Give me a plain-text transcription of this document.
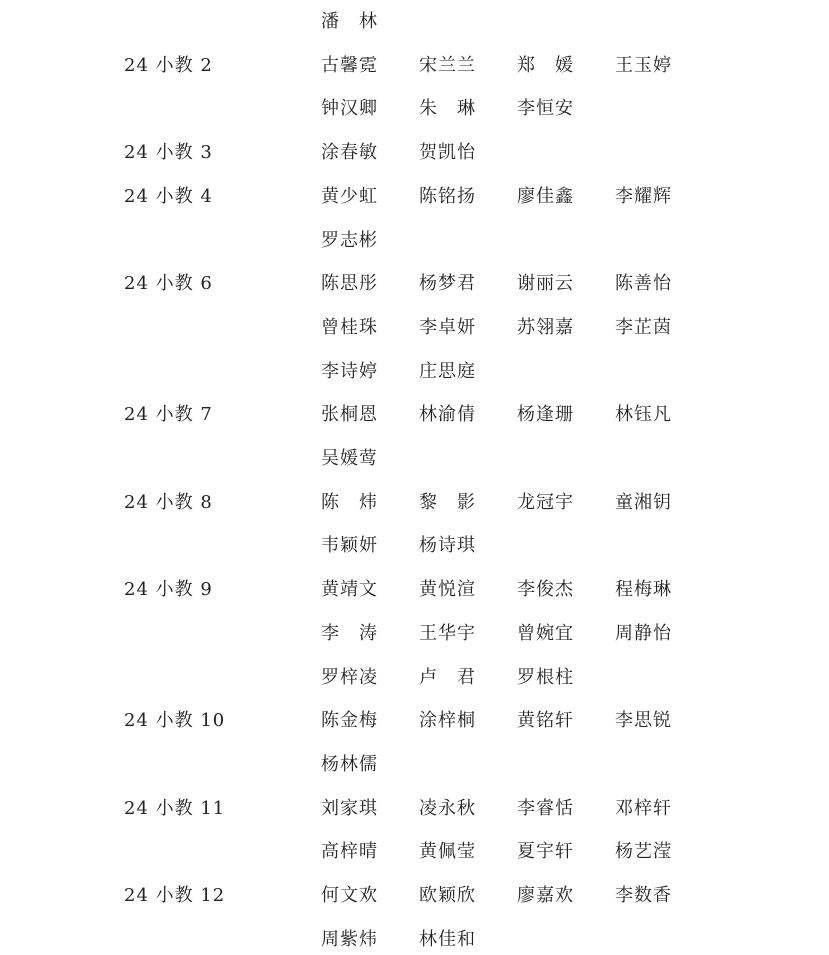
潘　林
24 小教 2	古馨霓 宋兰兰 郑　媛 王玉婷
钟汉卿 朱　琳 李恒安
24 小教 3	涂春敏 贺凯怡
24 小教 4	黄少虹 陈铭扬 廖佳鑫 李耀辉
罗志彬
24 小教 6	陈思彤 杨梦君 谢丽云 陈善怡
曾桂珠 李卓妍 苏翎嘉 李芷茵
李诗婷 庄思庭
24 小教 7	张桐恩 林渝倩 杨逢珊 林钰凡
吴媛莺
24 小教 8	陈　炜 黎　影 龙冠宇 童湘钥
韦颖妍 杨诗琪
24 小教 9	黄靖文 黄悦渲 李俊杰 程梅琳
李　涛 王华宇 曾婉宜 周静怡
罗梓凌 卢　君 罗根柱
24 小教 10	陈金梅 涂梓桐 黄铭轩 李思锐
杨林儒
24 小教 11	刘家琪 凌永秋 李睿恬 邓梓轩
高梓晴 黄佩莹 夏宇轩 杨艺滢
24 小教 12	何文欢 欧颖欣 廖嘉欢 李数香
周紫炜 林佳和
